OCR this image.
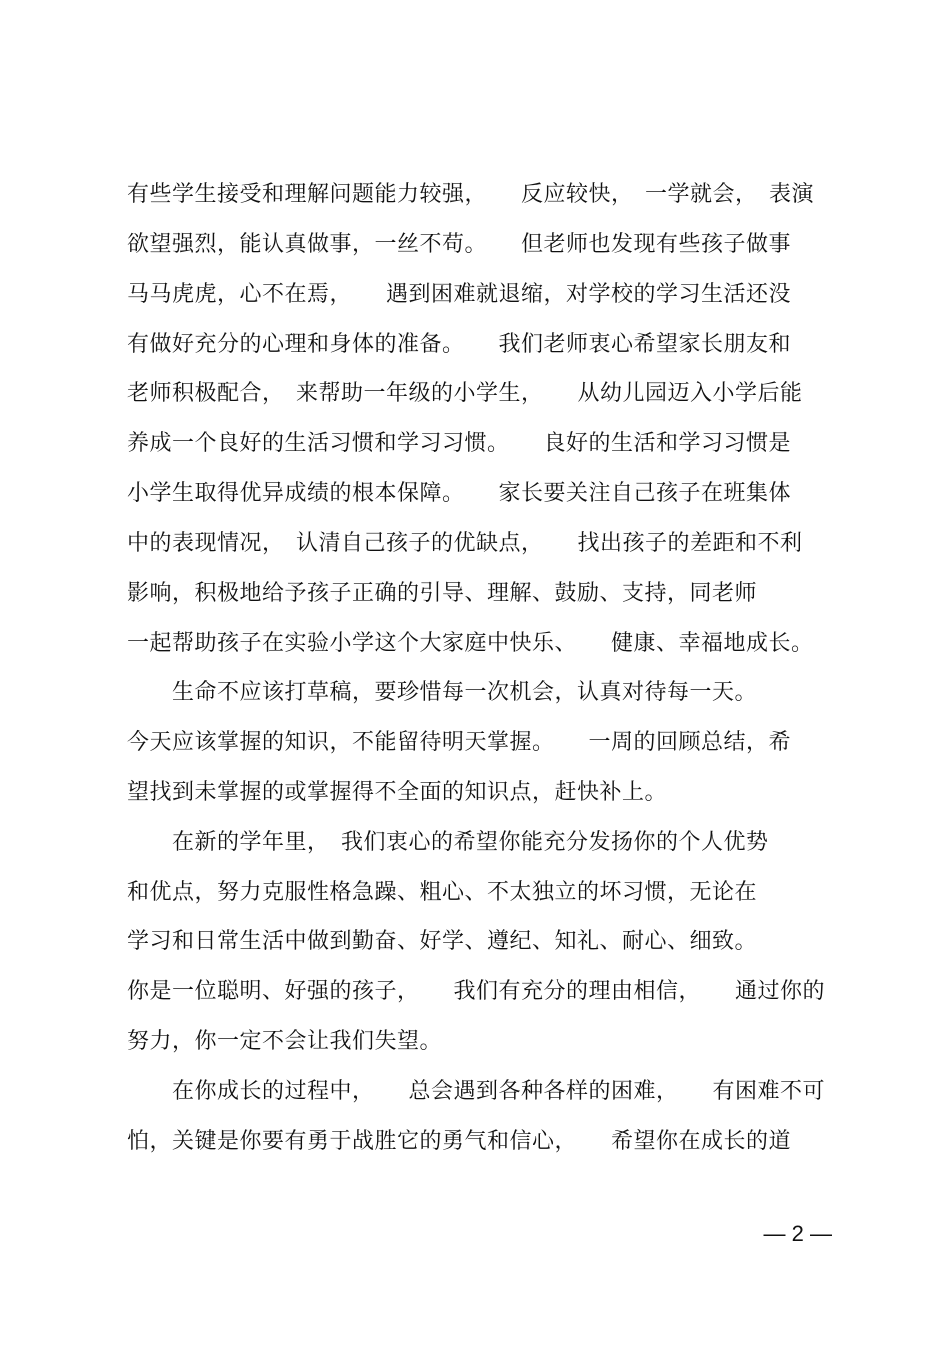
有些学生接受和理解问题能力较强，　　反应较快，　一学就会，　表演
欲望强烈，能认真做事，一丝不苟。　　但老师也发现有些孩子做事
马马虎虎，心不在焉，　　遇到困难就退缩，对学校的学习生活还没
有做好充分的心理和身体的准备。　　我们老师衷心希望家长朋友和
老师积极配合，　来帮助一年级的小学生，　　从幼儿园迈入小学后能
养成一个良好的生活习惯和学习习惯。　　良好的生活和学习习惯是
小学生取得优异成绩的根本保障。　　家长要关注自己孩子在班集体
中的表现情况，　认清自己孩子的优缺点，　　找出孩子的差距和不利
影响，积极地给予孩子正确的引导、理解、鼓励、支持，同老师
一起帮助孩子在实验小学这个大家庭中快乐、　　健康、幸福地成长。
　　生命不应该打草稿，要珍惜每一次机会，认真对待每一天。
今天应该掌握的知识，不能留待明天掌握。　　一周的回顾总结，希
望找到未掌握的或掌握得不全面的知识点，赶快补上。
　　在新的学年里，　我们衷心的希望你能充分发扬你的个人优势
和优点，努力克服性格急躁、粗心、不太独立的坏习惯，无论在
学习和日常生活中做到勤奋、好学、遵纪、知礼、耐心、细致。
你是一位聪明、好强的孩子，　　我们有充分的理由相信，　　通过你的
努力，你一定不会让我们失望。
　　在你成长的过程中，　　总会遇到各种各样的困难，　　有困难不可
怕，关键是你要有勇于战胜它的勇气和信心，　　希望你在成长的道
— 2 —
